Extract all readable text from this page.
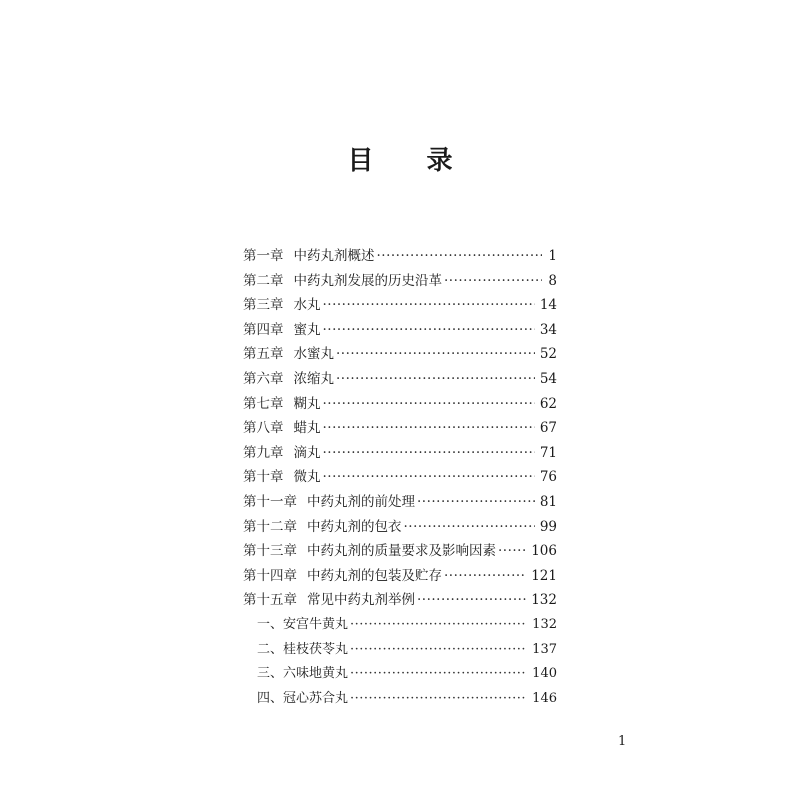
目 录
第一章 中药丸剂概述 ·····	1
第二章 中药丸剂发展的历史沿革 ·····	8
第三章 水丸 ·····	14
第四章 蜜丸 ·····	34
第五章 水蜜丸 ·····	52
第六章 浓缩丸 ·····	54
第七章 糊丸 ·····	62
第八章 蜡丸 ·····	67
第九章 滴丸 ·····	71
第十章 微丸 ·····	76
第十一章 中药丸剂的前处理 ·····	81
第十二章 中药丸剂的包衣 ·····	99
第十三章 中药丸剂的质量要求及影响因素 ·····	106
第十四章 中药丸剂的包装及贮存 ·····	121
第十五章 常见中药丸剂举例 ·····	132
一、安宫牛黄丸 ·····	132
二、桂枝茯苓丸 ·····	137
三、六味地黄丸 ·····	140
四、冠心苏合丸 ·····	146
1
